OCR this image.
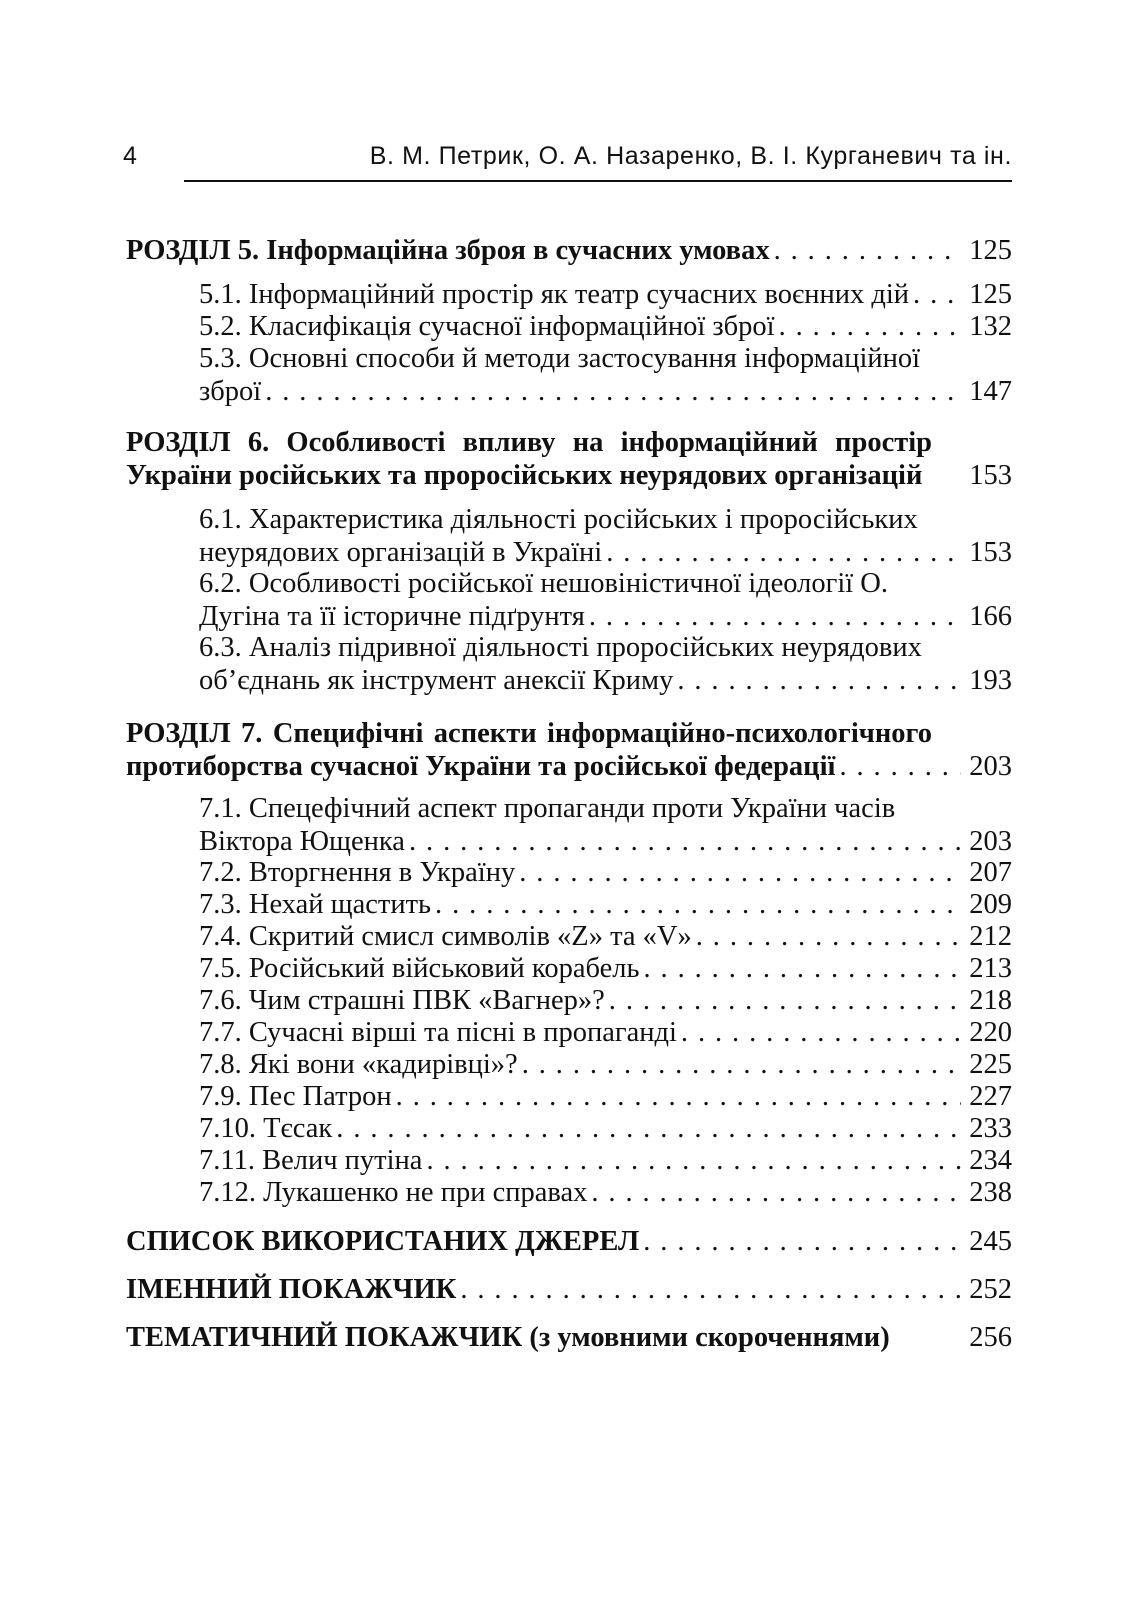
4	В. М. Петрик, О. А. Назаренко, В. І. Курганевич та ін.
РОЗДІЛ 5. Інформаційна зброя в сучасних умовах . . .	125
5.1. Інформаційний простір як театр сучасних воєнних дій . . . 125
5.2. Класифікація сучасної інформаційної зброї . . .	132
5.3. Основні способи й методи застосування інформаційної
зброї . . .	147
РОЗДІЛ 6. Особливості впливу на інформаційний простір
України російських та проросійських неурядових організацій 153
6.1. Характеристика діяльності російських і проросійських
неурядових організацій в Україні . . .	153
6.2. Особливості російської нешовіністичної ідеології О.
Дугіна та її історичне підґрунтя . . .	166
6.3. Аналіз підривної діяльності проросійських неурядових
об’єднань як інструмент анексії Криму . . .	193
РОЗДІЛ 7. Специфічні аспекти інформаційно-психологічного
протиборства сучасної України та російської федерації . . .	203
7.1. Спецефічний аспект пропаганди проти України часів
Віктора Ющенка . . .	203
7.2. Вторгнення в Україну . . .	207
7.3. Нехай щастить . . .	209
7.4. Скритий смисл символів «Z» та «V» . . .	212
7.5. Російський військовий корабель . . .	213
7.6. Чим страшні ПВК «Вагнер»? . . .	218
7.7. Сучасні вірші та пісні в пропаганді . . .	220
7.8. Які вони «кадирівці»? . . .	225
7.9. Пес Патрон . . .	227
7.10. Тєсак . . .	233
7.11. Велич путіна . . .	234
7.12. Лукашенко не при справах . . .	238
СПИСОК ВИКОРИСТАНИХ ДЖЕРЕЛ . . .	245
ІМЕННИЙ ПОКАЖЧИК . . .	252
ТЕМАТИЧНИЙ ПОКАЖЧИК (з умовними скороченнями)	256
